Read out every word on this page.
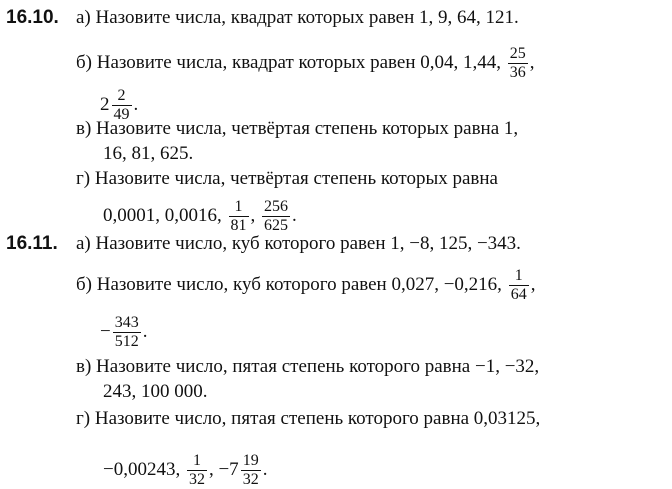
16.10. а) Назовите числа, квадрат которых равен 1, 9, 64, 121.
б) Назовите числа, квадрат которых равен 0,04, 1,44, $\frac{25}{36}$ ,
$2 \frac{2}{49}$ .
в) Назовите числа, четвёртая степень которых равна 1,
16, 81, 625.
г) Назовите числа, четвёртая степень которых равна
0,0001, 0,0016, $\frac{1}{81}$ , $\frac{256}{625}$ .
16.11. а) Назовите число, куб которого равен 1, −8, 125, −343.
б) Назовите число, куб которого равен 0,027, −0,216, $\frac{1}{64}$ ,
− $\frac{343}{512}$ .
в) Назовите число, пятая степень которого равна −1, −32,
243, 100 000.
г) Назовите число, пятая степень которого равна 0,03125,
−0,00243, $\frac{1}{32}$ , $-7 \frac{19}{32}$ .
